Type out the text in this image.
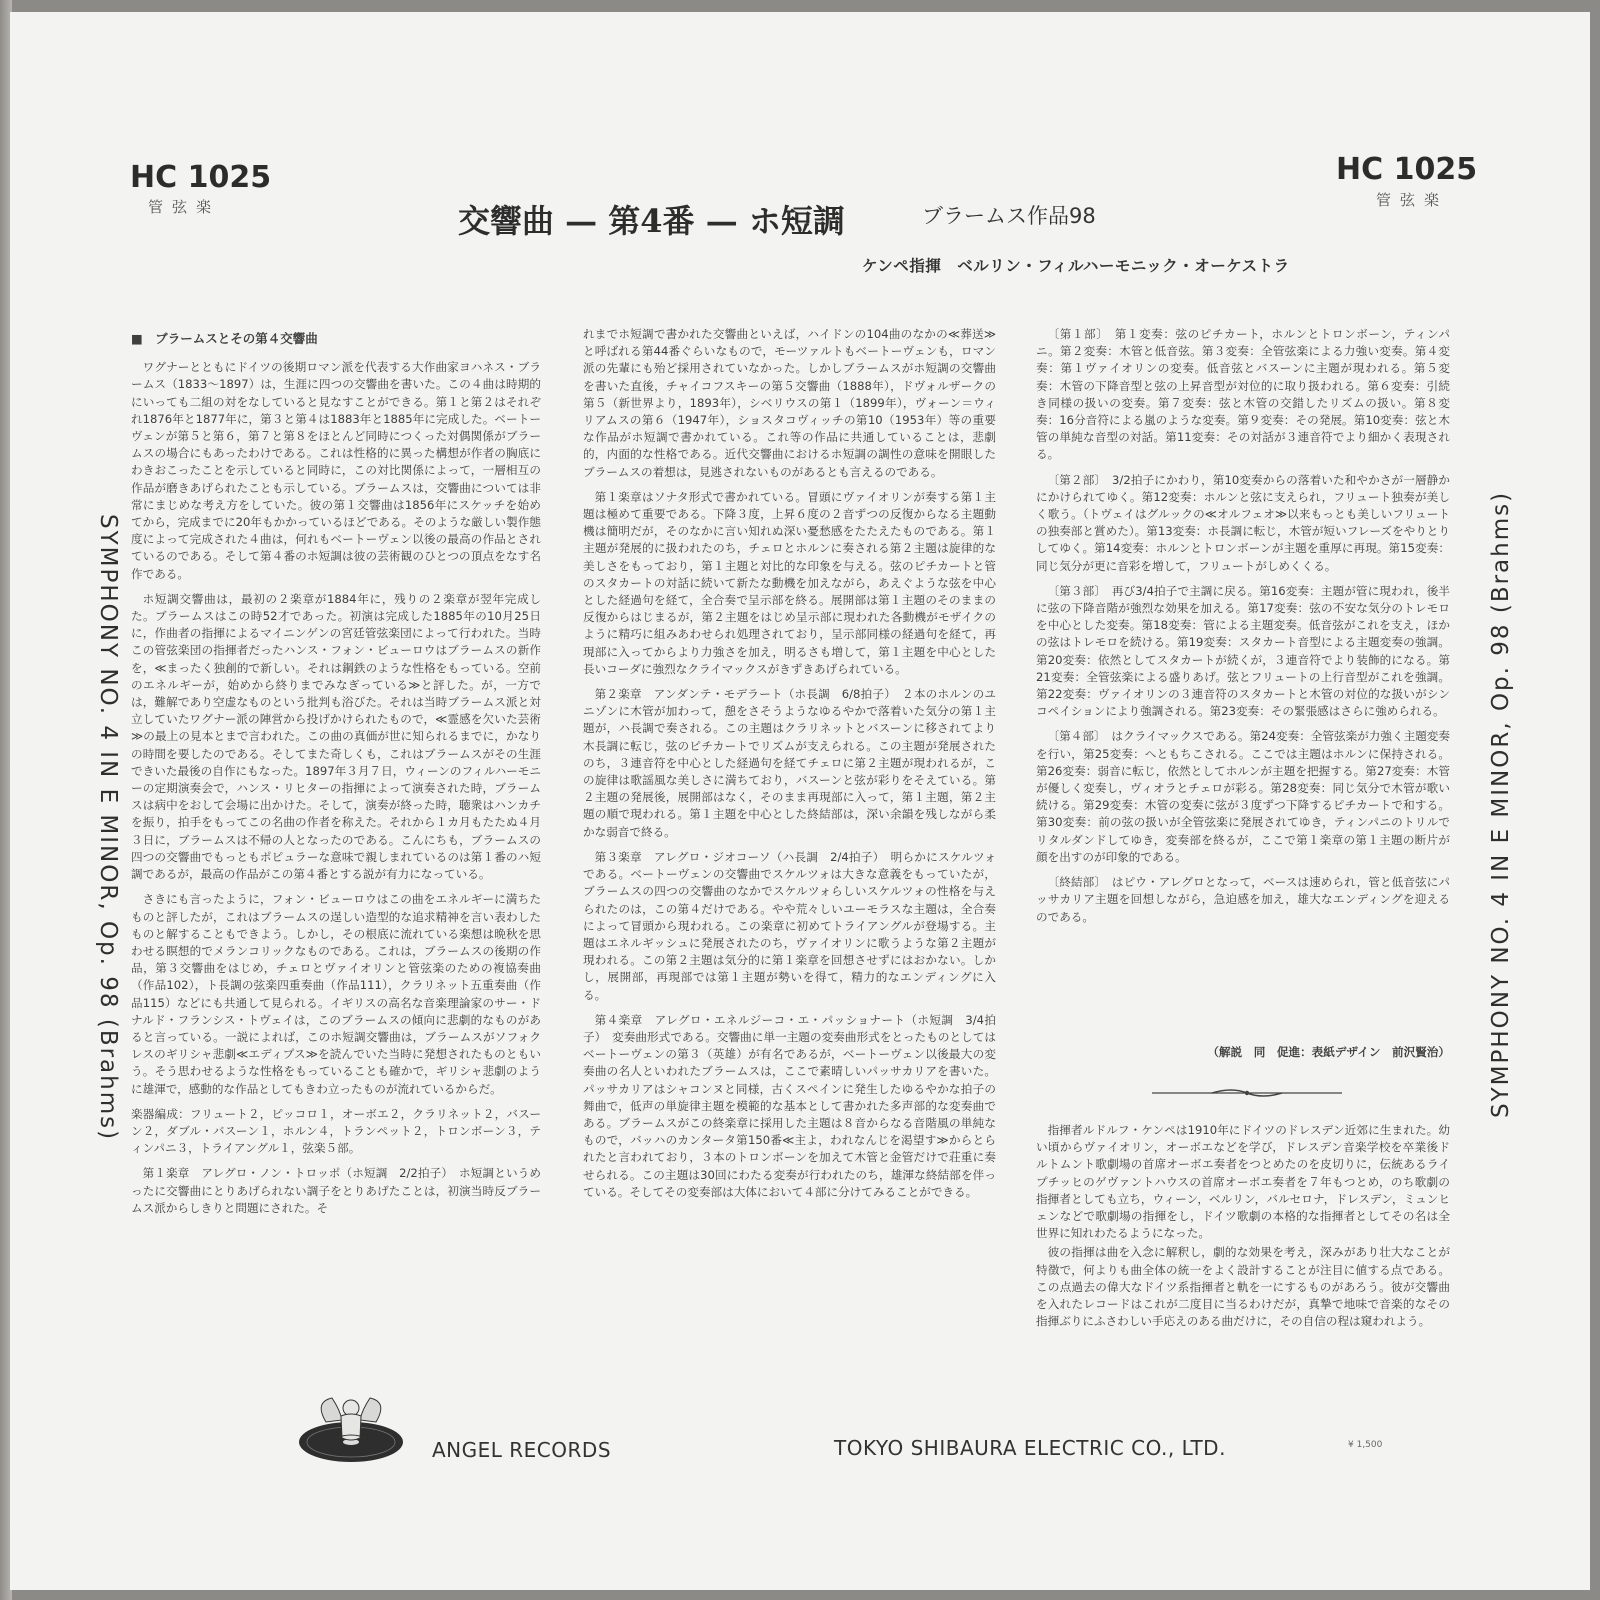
HC 1025
管弦楽
HC 1025
管弦楽
交響曲 — 第4番 — ホ短調	ブラームス作品98
ケンペ指揮　ベルリン・フィルハーモニック・オーケストラ
SYMPHONY NO. 4 IN E MINOR, Op. 98 (Brahms)	SYMPHONY NO. 4 IN E MINOR, Op. 98 (Brahms)

■　ブラームスとその第４交響曲

ワグナーとともにドイツの後期ロマン派を代表する大作曲家ヨハネス・ブラームス（1833〜1897）は，生涯に四つの交響曲を書いた。この４曲は時期的にいっても二組の対をなしていると見なすことができる。第１と第２はそれぞれ1876年と1877年に，第３と第４は1883年と1885年に完成した。ベートーヴェンが第５と第６，第７と第８をほとんど同時につくった対偶関係がブラームスの場合にもあったわけである。これは性格的に異った構想が作者の胸底にわきおこったことを示していると同時に，この対比関係によって，一層相互の作品が磨きあげられたことも示している。ブラームスは，交響曲については非常にまじめな考え方をしていた。彼の第１交響曲は1856年にスケッチを始めてから，完成までに20年もかかっているほどである。そのような厳しい製作態度によって完成された４曲は，何れもベートーヴェン以後の最高の作品とされているのである。そして第４番のホ短調は彼の芸術観のひとつの頂点をなす名作である。

ホ短調交響曲は，最初の２楽章が1884年に，残りの２楽章が翌年完成した。ブラームスはこの時52才であった。初演は完成した1885年の10月25日に，作曲者の指揮によるマイニンゲンの宮廷管弦楽団によって行われた。当時この管弦楽団の指揮者だったハンス・フォン・ビューロウはブラームスの新作を，≪まったく独創的で新しい。それは鋼鉄のような性格をもっている。空前のエネルギーが，始めから終りまでみなぎっている≫と評した。が，一方では，難解であり空虚なものという批判も浴びた。それは当時ブラームス派と対立していたワグナー派の陣営から投げかけられたもので，≪霊感を欠いた芸術≫の最上の見本とまで言われた。この曲の真価が世に知られるまでに，かなりの時間を要したのである。そしてまた奇しくも，これはブラームスがその生涯できいた最後の自作にもなった。1897年３月７日，ウィーンのフィルハーモニーの定期演奏会で，ハンス・リヒターの指揮によって演奏された時，ブラームスは病中をおして会場に出かけた。そして，演奏が終った時，聴衆はハンカチを振り，拍手をもってこの名曲の作者を称えた。それから１カ月もたたぬ４月３日に，ブラームスは不帰の人となったのである。こんにちも，ブラームスの四つの交響曲でもっともポピュラーな意味で親しまれているのは第１番のハ短調であるが，最高の作品がこの第４番とする説が有力になっている。

さきにも言ったように，フォン・ビューロウはこの曲をエネルギーに満ちたものと評したが，これはブラームスの逞しい造型的な追求精神を言い表わしたものと解することもできよう。しかし，その根底に流れている楽想は晩秋を思わせる瞑想的でメランコリックなものである。これは，ブラームスの後期の作品，第３交響曲をはじめ，チェロとヴァイオリンと管弦楽のための複協奏曲（作品102），ト長調の弦楽四重奏曲（作品111），クラリネット五重奏曲（作品115）などにも共通して見られる。イギリスの高名な音楽理論家のサー・ドナルド・フランシス・トヴェイは，このブラームスの傾向に悲劇的なものがあると言っている。一説によれば，このホ短調交響曲は，ブラームスがソフォクレスのギリシャ悲劇≪エディプス≫を読んでいた当時に発想されたものともいう。そう思わせるような性格をもっていることも確かで，ギリシャ悲劇のように雄渾で，感動的な作品としてもきわ立ったものが流れているからだ。

楽器編成：フリュート２，ピッコロ１，オーボエ２，クラリネット２，バスーン２，ダブル・バスーン１，ホルン４，トランペット２，トロンボーン３，ティンパニ３，トライアングル１，弦楽５部。

第１楽章　アレグロ・ノン・トロッポ（ホ短調　2/2拍子）　ホ短調というめったに交響曲にとりあげられない調子をとりあげたことは，初演当時反ブラームス派からしきりと問題にされた。そ

れまでホ短調で書かれた交響曲といえば，ハイドンの104曲のなかの≪葬送≫と呼ばれる第44番ぐらいなもので，モーツァルトもベートーヴェンも，ロマン派の先輩にも殆ど採用されていなかった。しかしブラームスがホ短調の交響曲を書いた直後，チャイコフスキーの第５交響曲（1888年），ドヴォルザークの第５（新世界より，1893年），シベリウスの第１（1899年），ヴォーン＝ウィリアムスの第６（1947年），ショスタコヴィッチの第10（1953年）等の重要な作品がホ短調で書かれている。これ等の作品に共通していることは，悲劇的，内面的な性格である。近代交響曲におけるホ短調の調性の意味を開眼したブラームスの着想は，見逃されないものがあるとも言えるのである。

第１楽章はソナタ形式で書かれている。冒頭にヴァイオリンが奏する第１主題は極めて重要である。下降３度，上昇６度の２音ずつの反復からなる主題動機は簡明だが，そのなかに言い知れぬ深い憂愁感をたたえたものである。第１主題が発展的に扱われたのち，チェロとホルンに奏される第２主題は旋律的な美しさをもっており，第１主題と対比的な印象を与える。弦のピチカートと管のスタカートの対話に続いて新たな動機を加えながら，あえぐような弦を中心とした経過句を経て，全合奏で呈示部を終る。展開部は第１主題のそのままの反復からはじまるが，第２主題をはじめ呈示部に現われた各動機がモザイクのように精巧に組みあわせられ処理されており，呈示部同様の経過句を経て，再現部に入ってからより力強さを加え，明るさも増して，第１主題を中心とした長いコーダに強烈なクライマックスがきずきあげられている。

第２楽章　アンダンテ・モデラート（ホ長調　6/8拍子）　２本のホルンのユニゾンに木管が加わって，憩をさそうようなゆるやかで落着いた気分の第１主題が，ハ長調で奏される。この主題はクラリネットとバスーンに移されてより木長調に転じ，弦のピチカートでリズムが支えられる。この主題が発展されたのち，３連音符を中心とした経過句を経てチェロに第２主題が現われるが，この旋律は歌謡風な美しさに満ちており，バスーンと弦が彩りをそえている。第２主題の発展後，展開部はなく，そのまま再現部に入って，第１主題，第２主題の順で現われる。第１主題を中心とした終結部は，深い余韻を残しながら柔かな弱音で終る。

第３楽章　アレグロ・ジオコーソ（ハ長調　2/4拍子）　明らかにスケルツォである。ベートーヴェンの交響曲でスケルツォは大きな意義をもっていたが，ブラームスの四つの交響曲のなかでスケルツォらしいスケルツォの性格を与えられたのは，この第４だけである。やや荒々しいユーモラスな主題は，全合奏によって冒頭から現われる。この楽章に初めてトライアングルが登場する。主題はエネルギッシュに発展されたのち，ヴァイオリンに歌うような第２主題が現われる。この第２主題は気分的に第１楽章を回想させずにはおかない。しかし，展開部，再現部では第１主題が勢いを得て，精力的なエンディングに入る。

第４楽章　アレグロ・エネルジーコ・エ・パッショナート（ホ短調　3/4拍子）　変奏曲形式である。交響曲に単一主題の変奏曲形式をとったものとしてはベートーヴェンの第３（英雄）が有名であるが，ベートーヴェン以後最大の変奏曲の名人といわれたブラームスは，ここで素晴しいパッサカリアを書いた。パッサカリアはシャコンヌと同様，古くスペインに発生したゆるやかな拍子の舞曲で，低声の単旋律主題を模範的な基本として書かれた多声部的な変奏曲である。ブラームスがこの終楽章に採用した主題は８音からなる音階風の単純なもので，バッハのカンタータ第150番≪主よ，われなんじを渇望す≫からとられたと言われており，３本のトロンボーンを加えて木管と金管だけで荘重に奏せられる。この主題は30回にわたる変奏が行われたのち，雄渾な終結部を伴っている。そしてその変奏部は大体において４部に分けてみることができる。

〔第１部〕　第１変奏：弦のピチカート，ホルンとトロンボーン，ティンパニ。第２変奏：木管と低音弦。第３変奏：全管弦楽による力強い変奏。第４変奏：第１ヴァイオリンの変奏。低音弦とバスーンに主題が現われる。第５変奏：木管の下降音型と弦の上昇音型が対位的に取り扱われる。第６変奏：引続き同様の扱いの変奏。第７変奏：弦と木管の交錯したリズムの扱い。第８変奏：16分音符による嵐のような変奏。第９変奏：その発展。第10変奏：弦と木管の単純な音型の対話。第11変奏：その対話が３連音符でより細かく表現される。

〔第２部〕　3/2拍子にかわり，第10変奏からの落着いた和やかさが一層静かにかけられてゆく。第12変奏：ホルンと弦に支えられ，フリュート独奏が美しく歌う。（トヴェイはグルックの≪オルフェオ≫以来もっとも美しいフリュートの独奏部と賞めた）。第13変奏：ホ長調に転じ，木管が短いフレーズをやりとりしてゆく。第14変奏：ホルンとトロンボーンが主題を重厚に再現。第15変奏：同じ気分が更に音彩を増して，フリュートがしめくくる。

〔第３部〕　再び3/4拍子で主調に戻る。第16変奏：主題が管に現われ，後半に弦の下降音階が強烈な効果を加える。第17変奏：弦の不安な気分のトレモロを中心とした変奏。第18変奏：管による主題変奏。低音弦がこれを支え，ほかの弦はトレモロを続ける。第19変奏：スタカート音型による主題変奏の強調。第20変奏：依然としてスタカートが続くが，３連音符でより装飾的になる。第21変奏：全管弦楽による盛りあげ。弦とフリュートの上行音型がこれを強調。第22変奏：ヴァイオリンの３連音符のスタカートと木管の対位的な扱いがシンコペイションにより強調される。第23変奏：その緊張感はさらに強められる。

〔第４部〕　はクライマックスである。第24変奏：全管弦楽が力強く主題変奏を行い，第25変奏：へともちこされる。ここでは主題はホルンに保持される。第26変奏：弱音に転じ，依然としてホルンが主題を把握する。第27変奏：木管が優しく変奏し，ヴィオラとチェロが彩る。第28変奏：同じ気分で木管が歌い続ける。第29変奏：木管の変奏に弦が３度ずつ下降するピチカートで和する。第30変奏：前の弦の扱いが全管弦楽に発展されてゆき，ティンパニのトリルでリタルダンドしてゆき，変奏部を終るが，ここで第１楽章の第１主題の断片が顔を出すのが印象的である。

〔終結部〕　はピウ・アレグロとなって，ベースは速められ，管と低音弦にパッサカリア主題を回想しながら，急迫感を加え，雄大なエンディングを迎えるのである。

（解説　同　促進：表紙デザイン　前沢賢治）

指揮者ルドルフ・ケンペは1910年にドイツのドレスデン近郊に生まれた。幼い頃からヴァイオリン，オーボエなどを学び，ドレスデン音楽学校を卒業後ドルトムント歌劇場の首席オーボエ奏者をつとめたのを皮切りに，伝統あるライプチッヒのゲヴァントハウスの首席オーボエ奏者を７年もつとめ，のち歌劇の指揮者としても立ち，ウィーン，ベルリン，バルセロナ，ドレスデン，ミュンヒェンなどで歌劇場の指揮をし，ドイツ歌劇の本格的な指揮者としてその名は全世界に知れわたるようになった。

彼の指揮は曲を入念に解釈し，劇的な効果を考え，深みがあり壮大なことが特徴で，何よりも曲全体の統一をよく設計することが注目に値する点である。この点過去の偉大なドイツ系指揮者と軌を一にするものがあろう。彼が交響曲を入れたレコードはこれが二度目に当るわけだが，真摯で地味で音楽的なその指揮ぶりにふさわしい手応えのある曲だけに，その自信の程は窺われよう。

ANGEL RECORDS	TOKYO SHIBAURA ELECTRIC CO., LTD.	¥ 1,500
